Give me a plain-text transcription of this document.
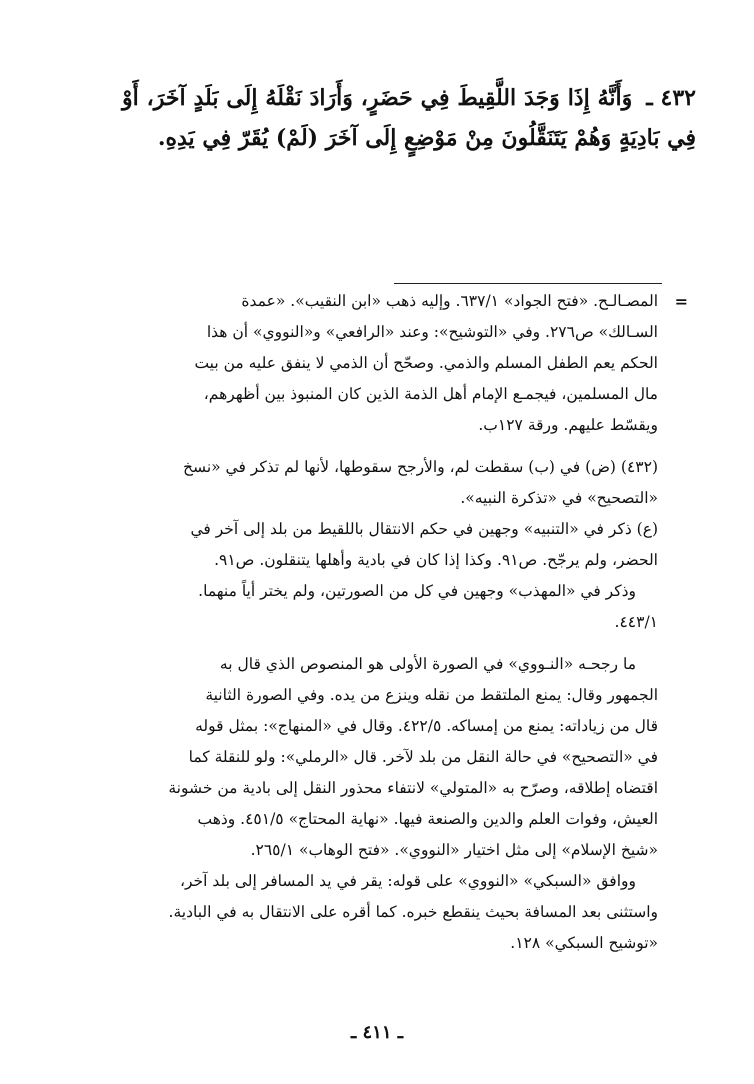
٤٣٢ ـ وَأَنَّهُ إِذَا وَجَدَ اللَّقِيطَ فِي حَضَرٍ، وَأَرَادَ نَقْلَهُ إِلَى بَلَدٍ آخَرَ، أَوْ فِي بَادِيَةٍ وَهُمْ يَتَنَقَّلُونَ مِنْ مَوْضِعٍ إِلَى آخَرَ (لَمْ) يُقَرّ فِي يَدِهِ.
=

المصـالـح. «فتح الجواد» ٦٣٧/١. وإليه ذهب «ابن النقيب». «عمدة

السـالك» ص٢٧٦. وفي «التوشيح»: وعند «الرافعي» و«النووي» أن هذا

الحكم يعم الطفل المسلم والذمي. وصحّح أن الذمي لا ينفق عليه من بيت

مال المسلمين، فيجمـع الإمام أهل الذمة الذين كان المنبوذ بين أظهرهم،

ويقسّط عليهم. ورقة ١٢٧ب.

(٤٣٢) (ض) في (ب) سقطت لم، والأرجح سقوطها، لأنها لم تذكر في «نسخ

«التصحيح» في «تذكرة النبيه».

(ع) ذكر في «التنبيه» وجهين في حكم الانتقال باللقيط من بلد إلى آخر في

الحضر، ولم يرجّح. ص٩١. وكذا إذا كان في بادية وأهلها يتنقلون. ص٩١.

وذكر في «المهذب» وجهين في كل من الصورتين، ولم يختر أياً منهما.

٤٤٣/١.

ما رجحـه «النـووي» في الصورة الأولى هو المنصوص الذي قال به

الجمهور وقال: يمنع الملتقط من نقله وينزع من يده. وفي الصورة الثانية

قال من زياداته: يمنع من إمساكه. ٤٢٢/٥. وقال في «المنهاج»: بمثل قوله

في «التصحيح» في حالة النقل من بلد لآخر. قال «الرملي»: ولو للنقلة كما

اقتضاه إطلاقه، وصرّح به «المتولي» لانتفاء محذور النقل إلى بادية من خشونة

العيش، وفوات العلم والدين والصنعة فيها. «نهاية المحتاج» ٤٥١/٥. وذهب

«شيخ الإسلام» إلى مثل اختيار «النووي». «فتح الوهاب» ٢٦٥/١.

ووافق «السبكي» «النووي» على قوله: يقر في يد المسافر إلى بلد آخر،

واستثنى بعد المسافة بحيث ينقطع خبره. كما أقره على الانتقال به في البادية.

«توشيح السبكي» ١٢٨.

ـ ٤١١ ـ
